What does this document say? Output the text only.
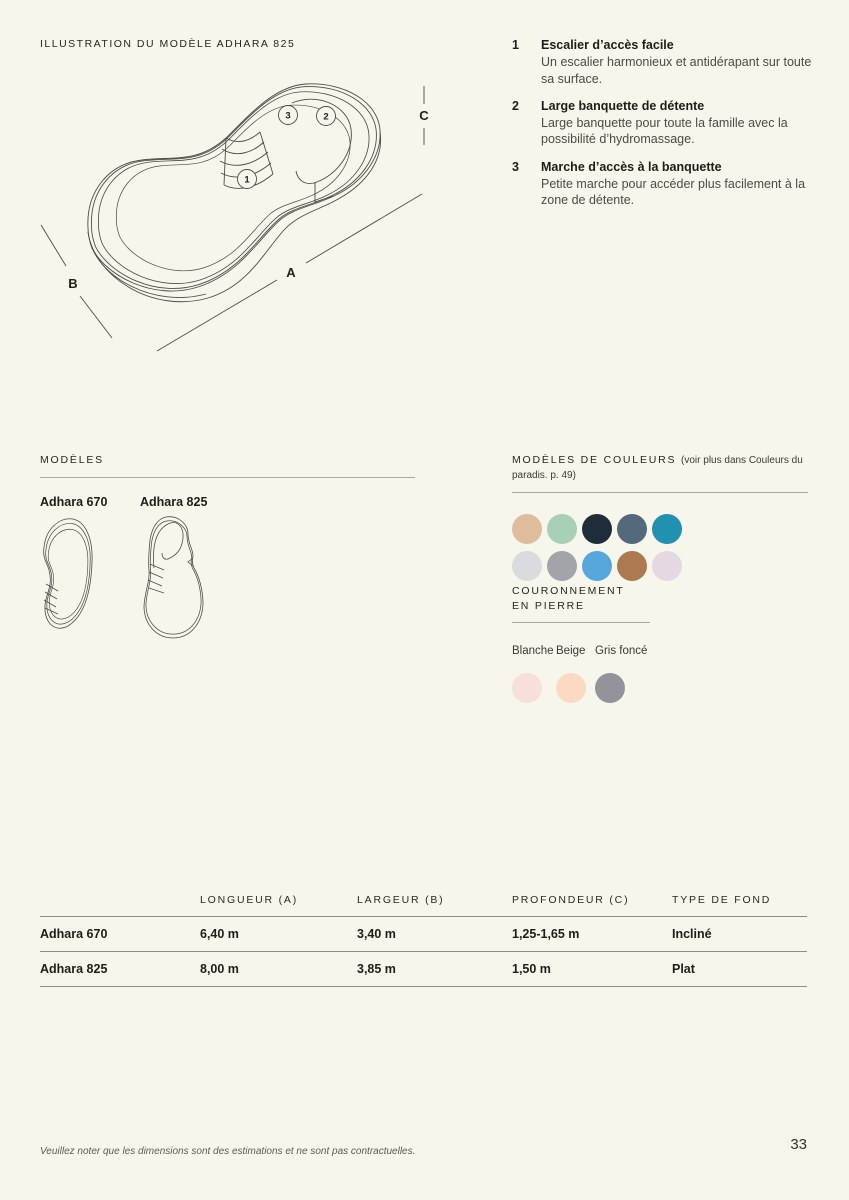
ILLUSTRATION DU MODÈLE ADHARA 825
A
B
C
1
2
3
1	Escalier d’accès facile
Un escalier harmonieux et antidérapant sur toute sa surface.
2	Large banquette de détente
Large banquette pour toute la famille avec la possibilité d’hydromassage.
3	Marche d’accès à la banquette
Petite marche pour accéder plus facilement à la zone de détente.
MODÈLES
Adhara 670	Adhara 825
MODÈLES DE COULEURS (voir plus dans Couleurs du paradis. p. 49)
COURONNEMENT
EN PIERRE
Blanche Beige Gris foncé
LONGUEUR (A)	LARGEUR (B)	PROFONDEUR (C)	TYPE DE FOND
Adhara 670	6,40 m	3,40 m	1,25-1,65 m	Incliné
Adhara 825	8,00 m	3,85 m	1,50 m	Plat
Veuillez noter que les dimensions sont des estimations et ne sont pas contractuelles.	33
